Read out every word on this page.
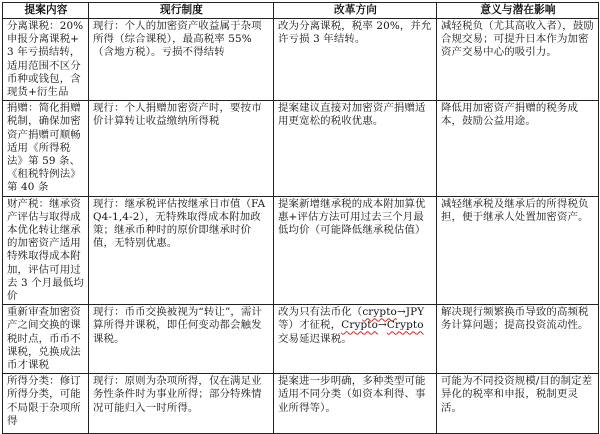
提案内容	现行制度	改革方向	意义与潜在影响
分离课税：20%申报分离课税+3 年亏损结转，适用范围不区分币种或钱包，含现货+衍生品	现行：个人的加密资产收益属于杂项所得（综合课税），最高税率 55%（含地方税）。亏损不得结转	改为分离课税，税率 20%，并允许亏损 3 年结转。	减轻税负（尤其高收入者），鼓励合规交易；可提升日本作为加密资产交易中心的吸引力。
捐赠：简化捐赠税制，确保加密资产捐赠可顺畅适用《所得税法》第 59 条、《租税特例法》第 40 条	现行：个人捐赠加密资产时，要按市价计算转让收益缴纳所得税	提案建议直接对加密资产捐赠适用更宽松的税收优惠。	降低用加密资产捐赠的税务成本，鼓励公益用途。
财产税：继承资产评估与取得成本优化转让继承的加密资产适用特殊取得成本附加，评估可用过去 3 个月最低均价	现行：继承税评估按继承日市值（FAQ4-1,4-2），无特殊取得成本附加政策；继承币种时的原价即继承时价值，无特别优惠。	提案新增继承税的成本附加算优惠+评估方法可用过去三个月最低均价（可能降低继承税估值）	减轻继承税及继承后的所得税负担，便于继承人处置加密资产。
重新审查加密资产之间交换的课税时点，币币不课税，兑换成法币才课税	现行：币币交换被视为“转让”，需计算所得并课税，即任何变动都会触发课税。	改为只有法币化（crypto→JPY 等）才征税，Crypto→Crypto 交易延迟课税。	解决现行频繁换币导致的高频税务计算问题；提高投资流动性。
所得分类：修订所得分类，可能不局限于杂项所得	现行：原则为杂项所得，仅在满足业务性条件时为事业所得；部分特殊情况可能归入一时所得。	提案进一步明确，多种类型可能适用不同分类（如资本利得、事业所得等）。	可能为不同投资规模/目的制定差异化的税率和申报，税制更灵活。
